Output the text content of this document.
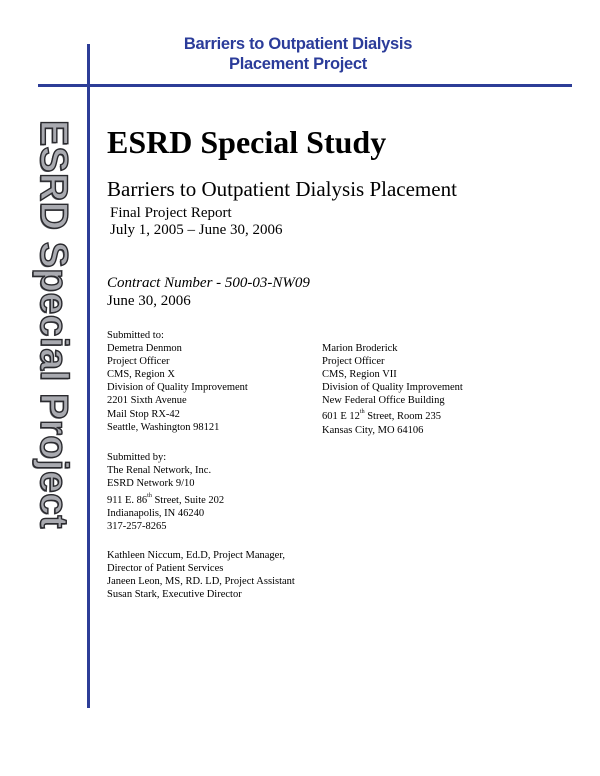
Barriers to Outpatient Dialysis
Placement Project
ESRD Special Project ESRD Special Study
Barriers to Outpatient Dialysis Placement
Final Project Report
July 1, 2005 – June 30, 2006
Contract Number - 500-03-NW09
June 30, 2006
Submitted to:
Demetra Denmon
Project Officer
CMS, Region X
Division of Quality Improvement
2201 Sixth Avenue
Mail Stop RX-42
Seattle, Washington 98121
Marion Broderick
Project Officer
CMS, Region VII
Division of Quality Improvement
New Federal Office Building
601 E 12th Street, Room 235
Kansas City, MO 64106
Submitted by:
The Renal Network, Inc.
ESRD Network 9/10
911 E. 86th Street, Suite 202
Indianapolis, IN 46240
317-257-8265
Kathleen Niccum, Ed.D, Project Manager,
Director of Patient Services
Janeen Leon, MS, RD. LD, Project Assistant
Susan Stark, Executive Director
